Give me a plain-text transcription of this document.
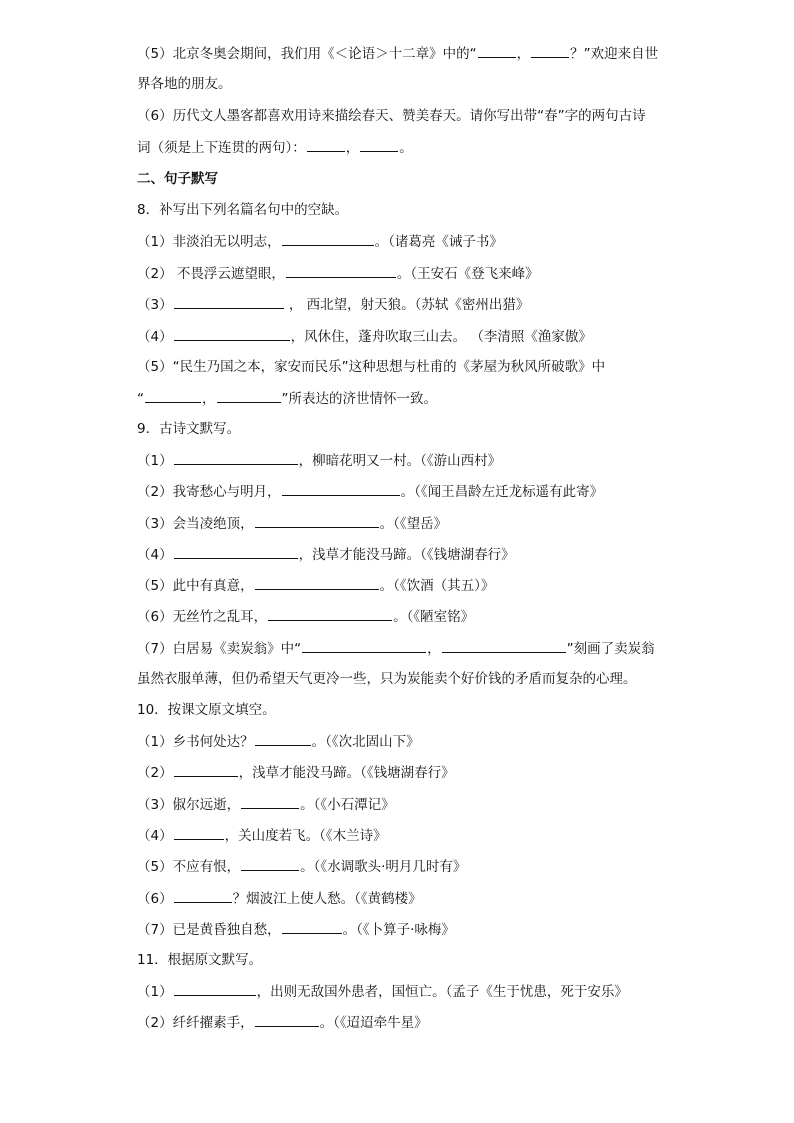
（5）北京冬奥会期间，我们用《＜论语＞十二章》中的“	，	？”欢迎来自世
界各地的朋友。
（6）历代文人墨客都喜欢用诗来描绘春天、赞美春天。请你写出带“春”字的两句古诗
词（须是上下连贯的两句）：	，	。
二、句子默写
8．补写出下列名篇名句中的空缺。
（1）非淡泊无以明志，	。（诸葛亮《诫子书》
（2） 不畏浮云遮望眼，	。（王安石《登飞来峰》
（3）	， 西北望，射天狼。（苏轼《密州出猎》
（4）	，风休住，蓬舟吹取三山去。 （李清照《渔家傲》
（5）“民生乃国之本，家安而民乐”这种思想与杜甫的《茅屋为秋风所破歌》中
“	，	”所表达的济世情怀一致。
9．古诗文默写。
（1）	，柳暗花明又一村。（《游山西村》
（2）我寄愁心与明月，	。（《闻王昌龄左迁龙标遥有此寄》
（3）会当凌绝顶，	。（《望岳》
（4）	，浅草才能没马蹄。（《钱塘湖春行》
（5）此中有真意，	。（《饮酒（其五）》
（6）无丝竹之乱耳，	。（《陋室铭》
（7）白居易《卖炭翁》中“	，	”刻画了卖炭翁
虽然衣服单薄，但仍希望天气更冷一些，只为炭能卖个好价钱的矛盾而复杂的心理。
10．按课文原文填空。
（1）乡书何处达？	。（《次北固山下》
（2）	，浅草才能没马蹄。（《钱塘湖春行》
（3）俶尔远逝，	。（《小石潭记》
（4）	，关山度若飞。（《木兰诗》
（5）不应有恨，	。（《水调歌头·明月几时有》
（6）	？烟波江上使人愁。（《黄鹤楼》
（7）已是黄昏独自愁，	。（《卜算子·咏梅》
11．根据原文默写。
（1）	，出则无敌国外患者，国恒亡。（孟子《生于忧患，死于安乐》
（2）纤纤擢素手，	。（《迢迢牵牛星》
